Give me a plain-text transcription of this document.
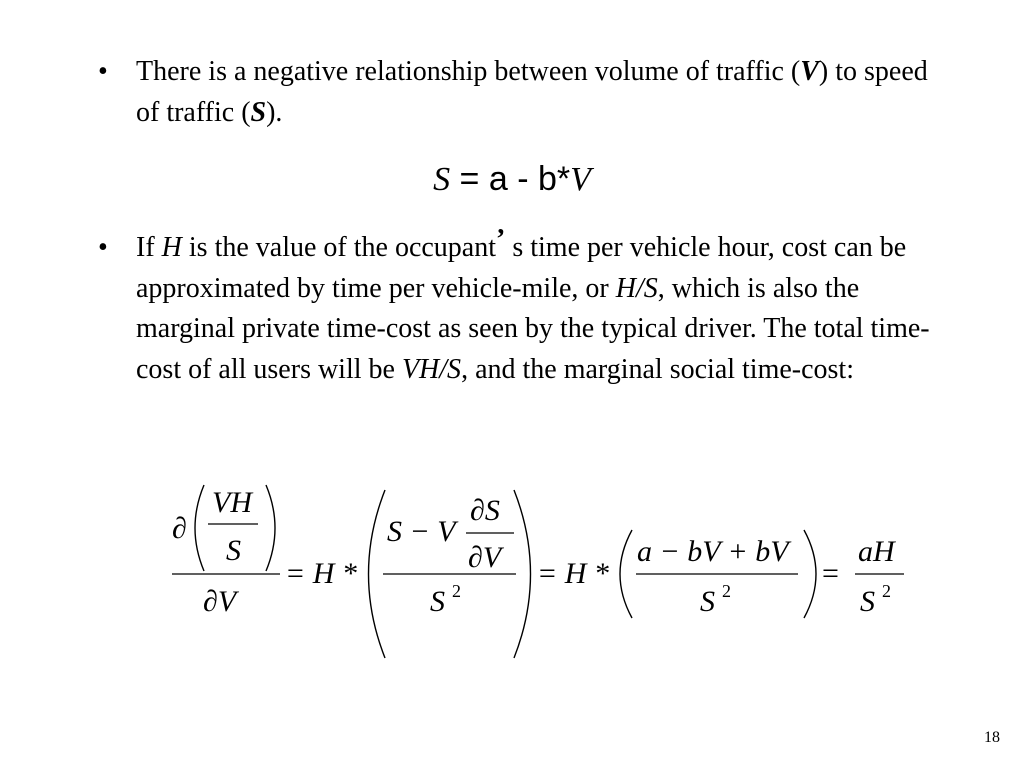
• There is a negative relationship between volume of traffic (V) to speed of traffic (S).
S = a - b*V
• If H is the value of the occupant’ s time per vehicle hour, cost can be approximated by time per vehicle-mile, or H/S, which is also the marginal private time-cost as seen by the typical driver. The total time-cost of all users will be VH/S, and the marginal social time-cost:
∂
VH
S
∂V
= H *
S − V
∂S
∂V
S 2
= H *
a − bV + bV
S 2
=
aH
S 2
18
